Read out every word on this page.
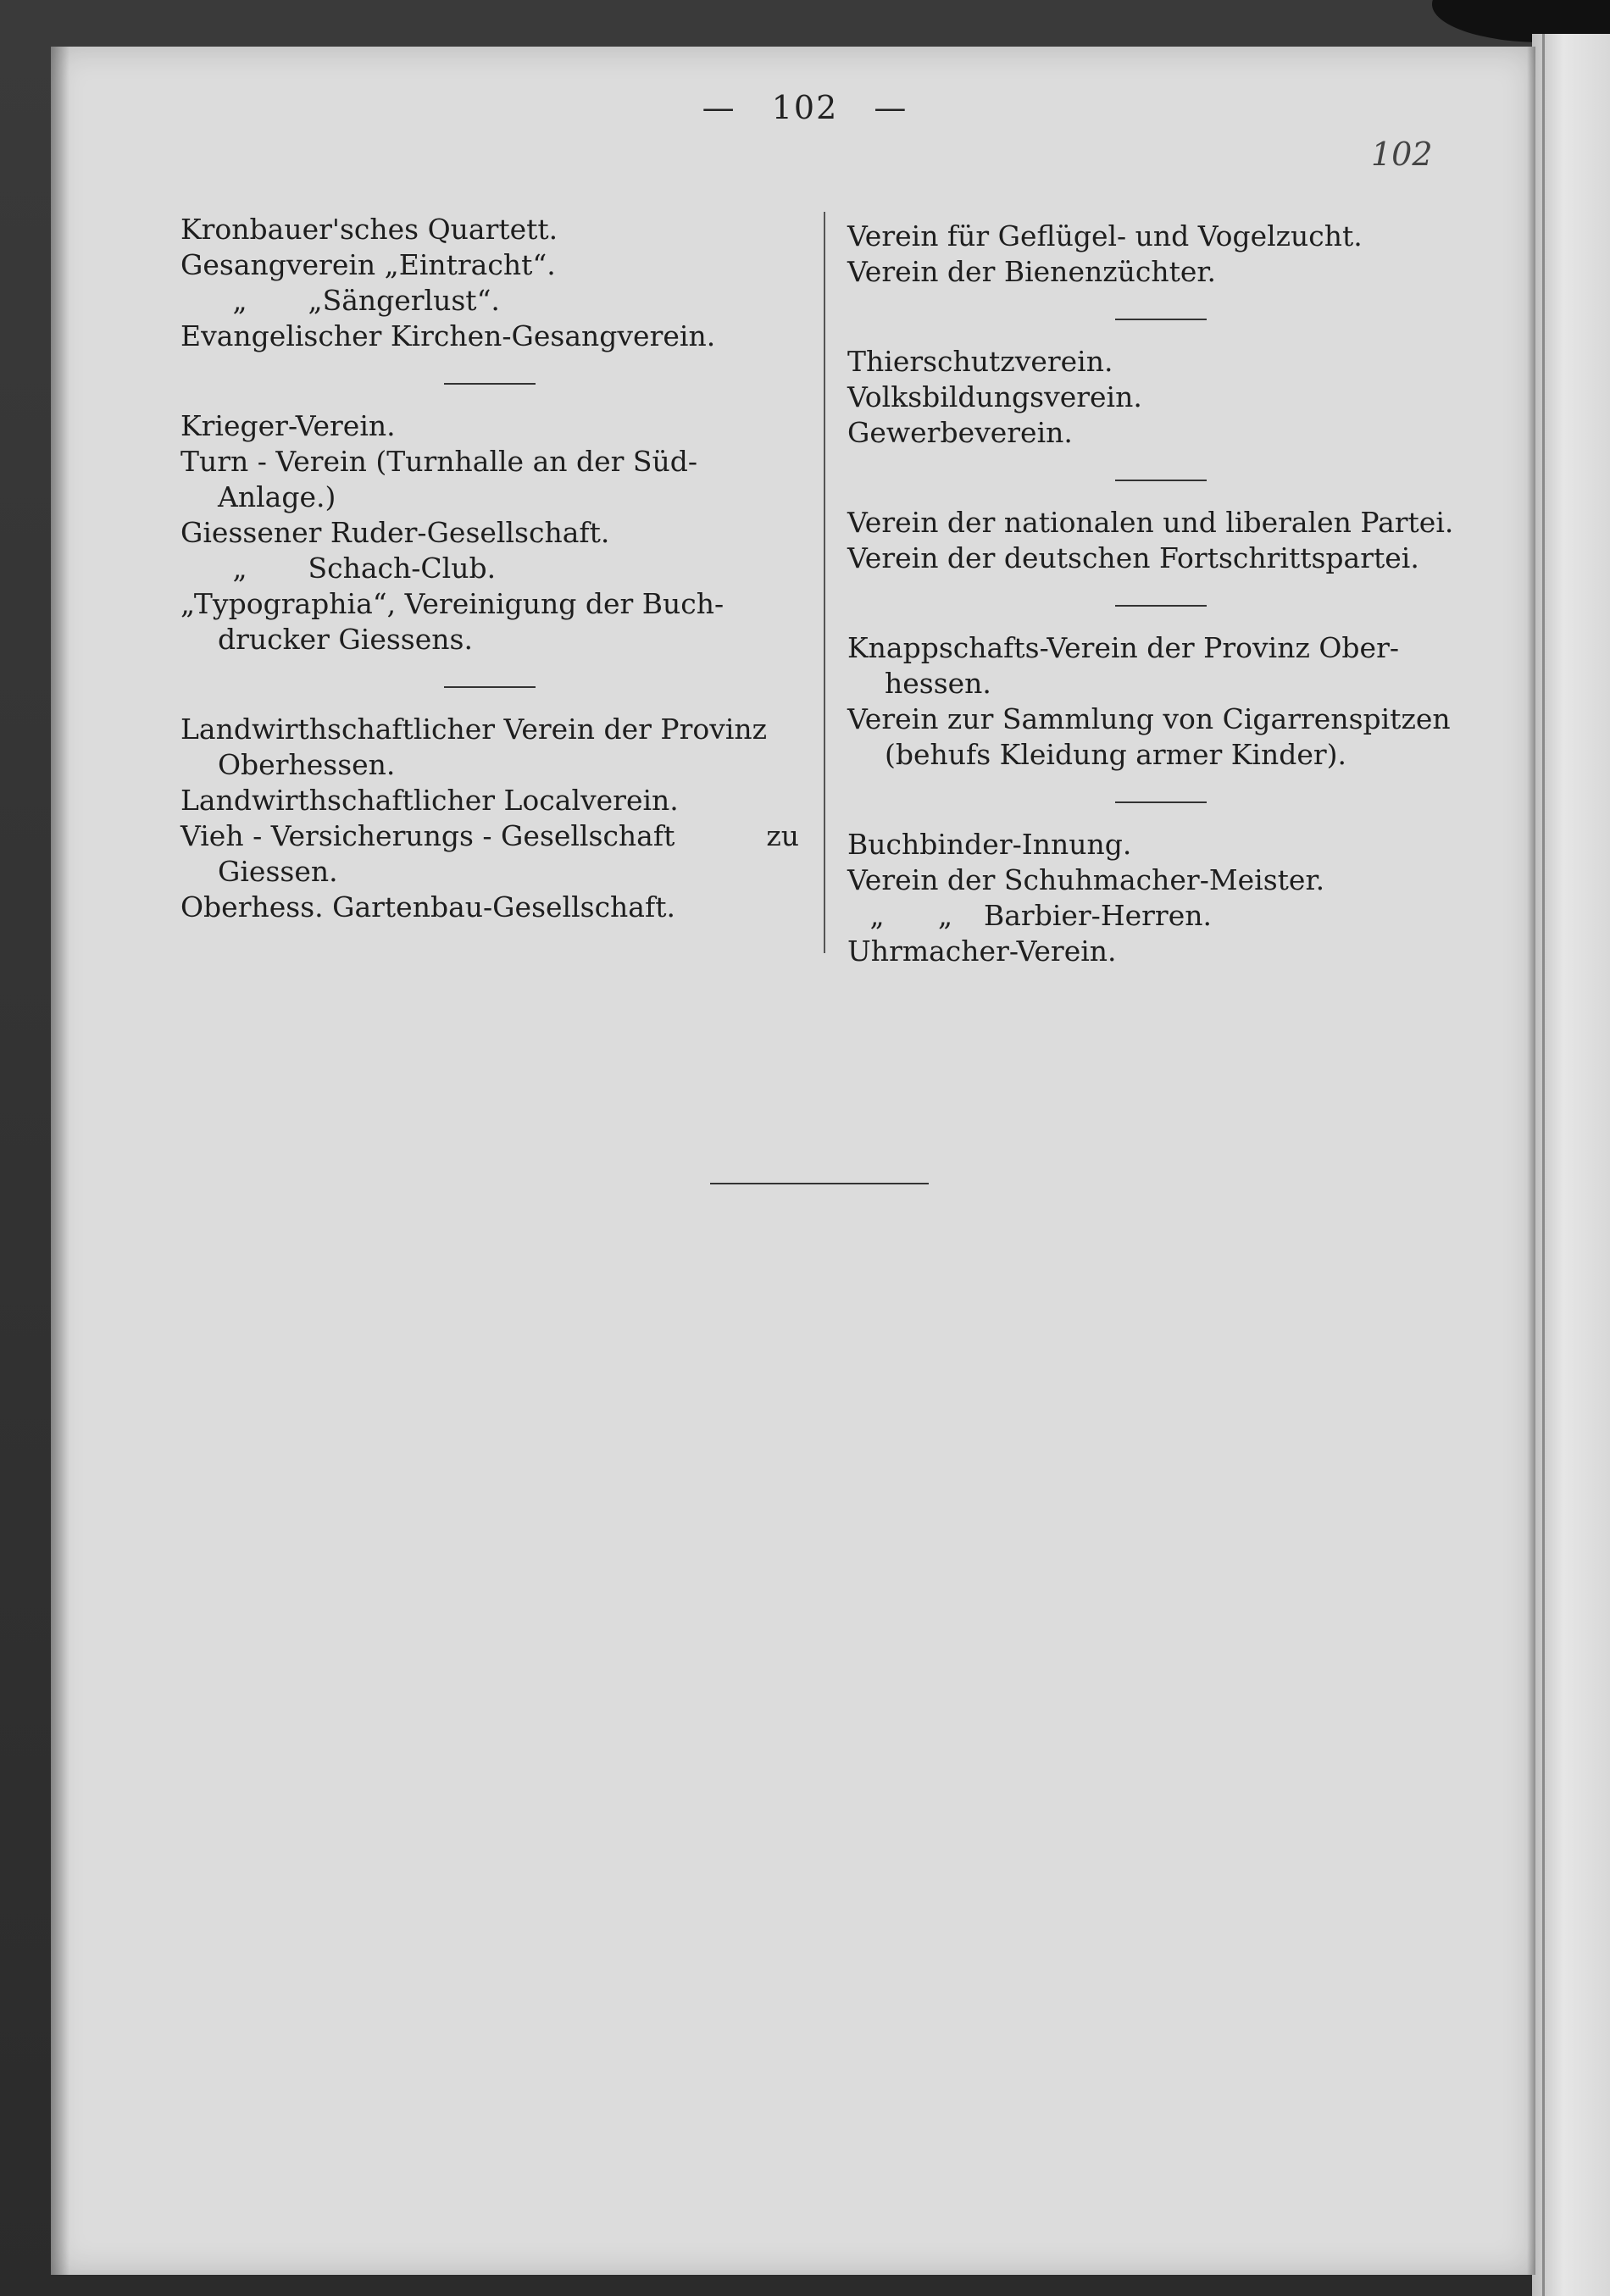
— 102 —
102

Kronbauer'sches Quartett.

Gesangverein „Eintracht“.

„ „Sängerlust“.

Evangelischer Kirchen-Gesangverein.

Krieger-Verein.

Turn - Verein (Turnhalle an der Süd-

Anlage.)

Giessener Ruder-Gesellschaft.

„ Schach-Club.

„Typographia“, Vereinigung der Buch-

drucker Giessens.

Landwirthschaftlicher Verein der Provinz

Oberhessen.

Landwirthschaftlicher Localverein.

Vieh - Versicherungs - Gesellschaft	zu

Giessen.

Oberhess. Gartenbau-Gesellschaft.

Verein für Geflügel- und Vogelzucht.

Verein der Bienenzüchter.

Thierschutzverein.

Volksbildungsverein.

Gewerbeverein.

Verein der nationalen und liberalen Partei.

Verein der deutschen Fortschrittspartei.

Knappschafts-Verein der Provinz Ober-

hessen.

Verein zur Sammlung von Cigarrenspitzen

(behufs Kleidung armer Kinder).

Buchbinder-Innung.

Verein der Schuhmacher-Meister.

„ „ Barbier-Herren.

Uhrmacher-Verein.
